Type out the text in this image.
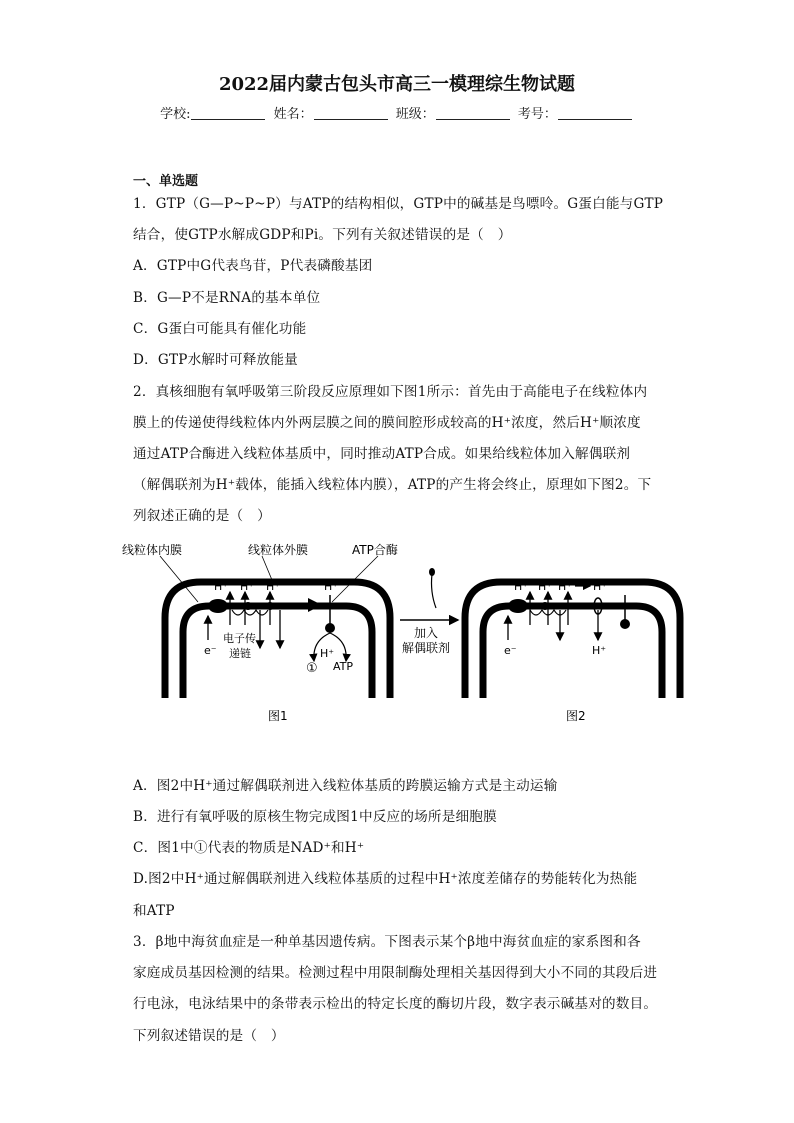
2022届内蒙古包头市高三一模理综生物试题
学校:	姓名：	班级：	考号：
一、单选题
1．GTP（G—P~P~P）与ATP的结构相似，GTP中的碱基是鸟嘌呤。G蛋白能与GTP
结合，使GTP水解成GDP和Pi。下列有关叙述错误的是（　）
A．GTP中G代表鸟苷，P代表磷酸基团
B．G—P不是RNA的基本单位
C．G蛋白可能具有催化功能
D．GTP水解时可释放能量
2．真核细胞有氧呼吸第三阶段反应原理如下图1所示：首先由于高能电子在线粒体内
膜上的传递使得线粒体内外两层膜之间的膜间腔形成较高的H⁺浓度，然后H⁺顺浓度
通过ATP合酶进入线粒体基质中，同时推动ATP合成。如果给线粒体加入解偶联剂
（解偶联剂为H⁺载体，能插入线粒体内膜），ATP的产生将会终止，原理如下图2。下
列叙述正确的是（　）
H⁺ H⁺ H⁺	H⁺
e⁻
电子传
递链
①
H⁺
ATP
线粒体内膜	线粒体外膜	ATP合酶
加入
解偶联剂
H⁺ H⁺ H⁺ H⁺
e⁻	H⁺
图1	图2
A．图2中H⁺通过解偶联剂进入线粒体基质的跨膜运输方式是主动运输
B．进行有氧呼吸的原核生物完成图1中反应的场所是细胞膜
C．图1中①代表的物质是NAD⁺和H⁺
D.图2中H⁺通过解偶联剂进入线粒体基质的过程中H⁺浓度差储存的势能转化为热能
和ATP
3．β地中海贫血症是一种单基因遗传病。下图表示某个β地中海贫血症的家系图和各
家庭成员基因检测的结果。检测过程中用限制酶处理相关基因得到大小不同的其段后进
行电泳，电泳结果中的条带表示检出的特定长度的酶切片段，数字表示碱基对的数目。
下列叙述错误的是（　）
